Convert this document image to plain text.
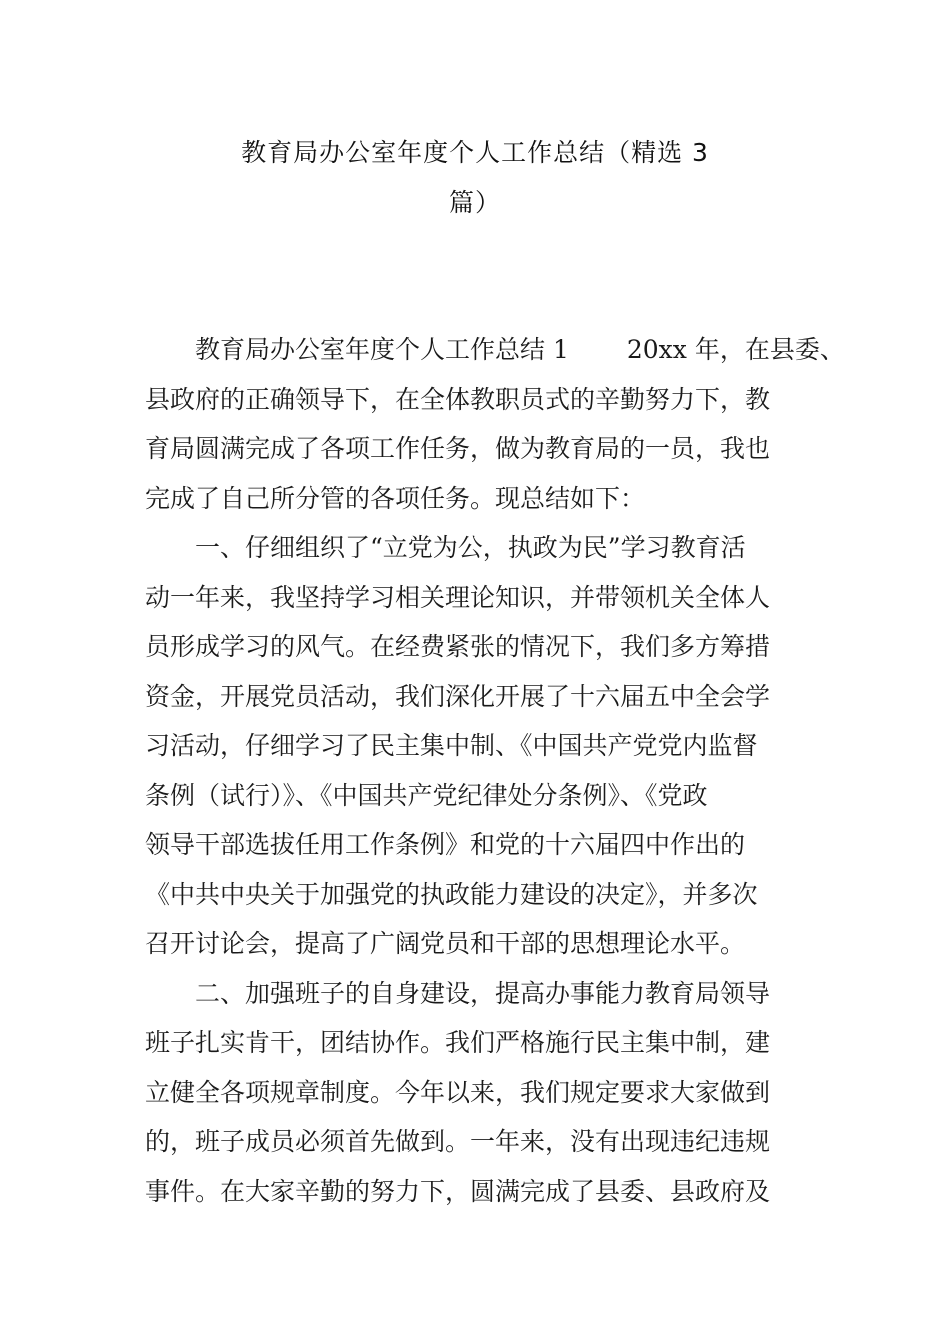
教育局办公室年度个人工作总结（精选 3
篇）
教育局办公室年度个人工作总结 1 20xx 年，在县委、
县政府的正确领导下，在全体教职员式的辛勤努力下，教
育局圆满完成了各项工作任务，做为教育局的一员，我也
完成了自己所分管的各项任务。现总结如下：
一、仔细组织了“立党为公，执政为民”学习教育活
动一年来，我坚持学习相关理论知识，并带领机关全体人
员形成学习的风气。在经费紧张的情况下，我们多方筹措
资金，开展党员活动，我们深化开展了十六届五中全会学
习活动，仔细学习了民主集中制、《中国共产党党内监督
条例（试行）》、《中国共产党纪律处分条例》、《党政
领导干部选拔任用工作条例》和党的十六届四中作出的
《中共中央关于加强党的执政能力建设的决定》，并多次
召开讨论会，提高了广阔党员和干部的思想理论水平。
二、加强班子的自身建设，提高办事能力教育局领导
班子扎实肯干，团结协作。我们严格施行民主集中制，建
立健全各项规章制度。今年以来，我们规定要求大家做到
的，班子成员必须首先做到。一年来，没有出现违纪违规
事件。在大家辛勤的努力下，圆满完成了县委、县政府及
